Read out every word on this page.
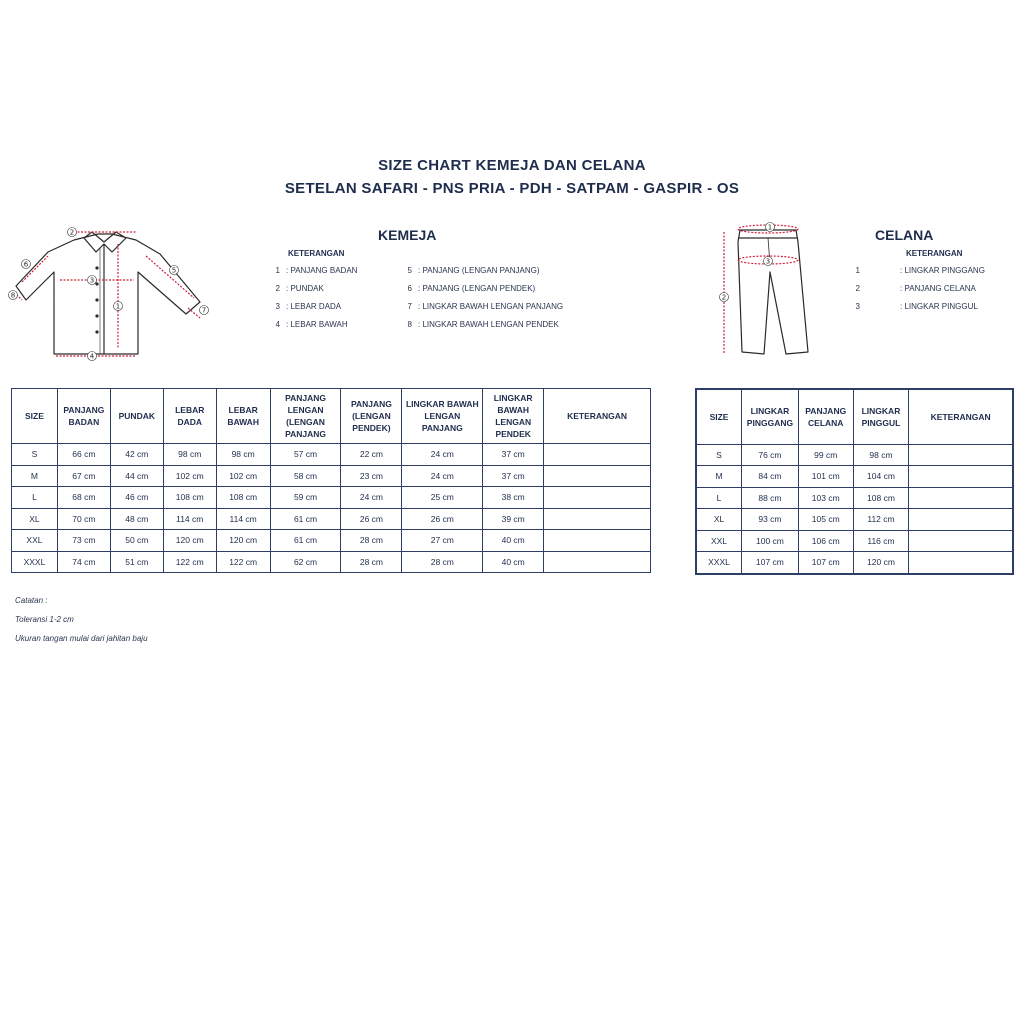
SIZE CHART KEMEJA DAN CELANA
SETELAN SAFARI - PNS PRIA - PDH - SATPAM - GASPIR - OS
1
2
3
4
5
6
7
8
KEMEJA
KETERANGAN
1 : PANJANG BADAN
2 : PUNDAK
3 : LEBAR DADA
4 : LEBAR BAWAH
5 : PANJANG (LENGAN PANJANG)
6 : PANJANG (LENGAN PENDEK)
7 : LINGKAR BAWAH LENGAN PANJANG
8 : LINGKAR BAWAH LENGAN PENDEK
1
2
3
CELANA
KETERANGAN
1	: LINGKAR PINGGANG
2	: PANJANG CELANA
3	: LINGKAR PINGGUL
SIZE	PANJANG BADAN	PUNDAK	LEBAR DADA	LEBAR BAWAH	PANJANG LENGAN (LENGAN PANJANG	PANJANG (LENGAN PENDEK)	LINGKAR BAWAH LENGAN PANJANG	LINGKAR BAWAH LENGAN PENDEK	KETERANGAN
S	66 cm	42 cm	98 cm	98 cm	57 cm	22 cm	24 cm	37 cm	
M	67 cm	44 cm	102 cm	102 cm	58 cm	23 cm	24 cm	37 cm	
L	68 cm	46 cm	108 cm	108 cm	59 cm	24 cm	25 cm	38 cm	
XL	70 cm	48 cm	114 cm	114 cm	61 cm	26 cm	26 cm	39 cm	
XXL	73 cm	50 cm	120 cm	120 cm	61 cm	28 cm	27 cm	40 cm	
XXXL	74 cm	51 cm	122 cm	122 cm	62 cm	28 cm	28 cm	40 cm	
SIZE	LINGKAR PINGGANG	PANJANG CELANA	LINGKAR PINGGUL	KETERANGAN
S	76 cm	99 cm	98 cm	
M	84 cm	101 cm	104 cm	
L	88 cm	103 cm	108 cm	
XL	93 cm	105 cm	112 cm	
XXL	100 cm	106 cm	116 cm	
XXXL	107 cm	107 cm	120 cm	
Catatan :
Toleransi 1-2 cm
Ukuran tangan mulai dari jahitan baju
